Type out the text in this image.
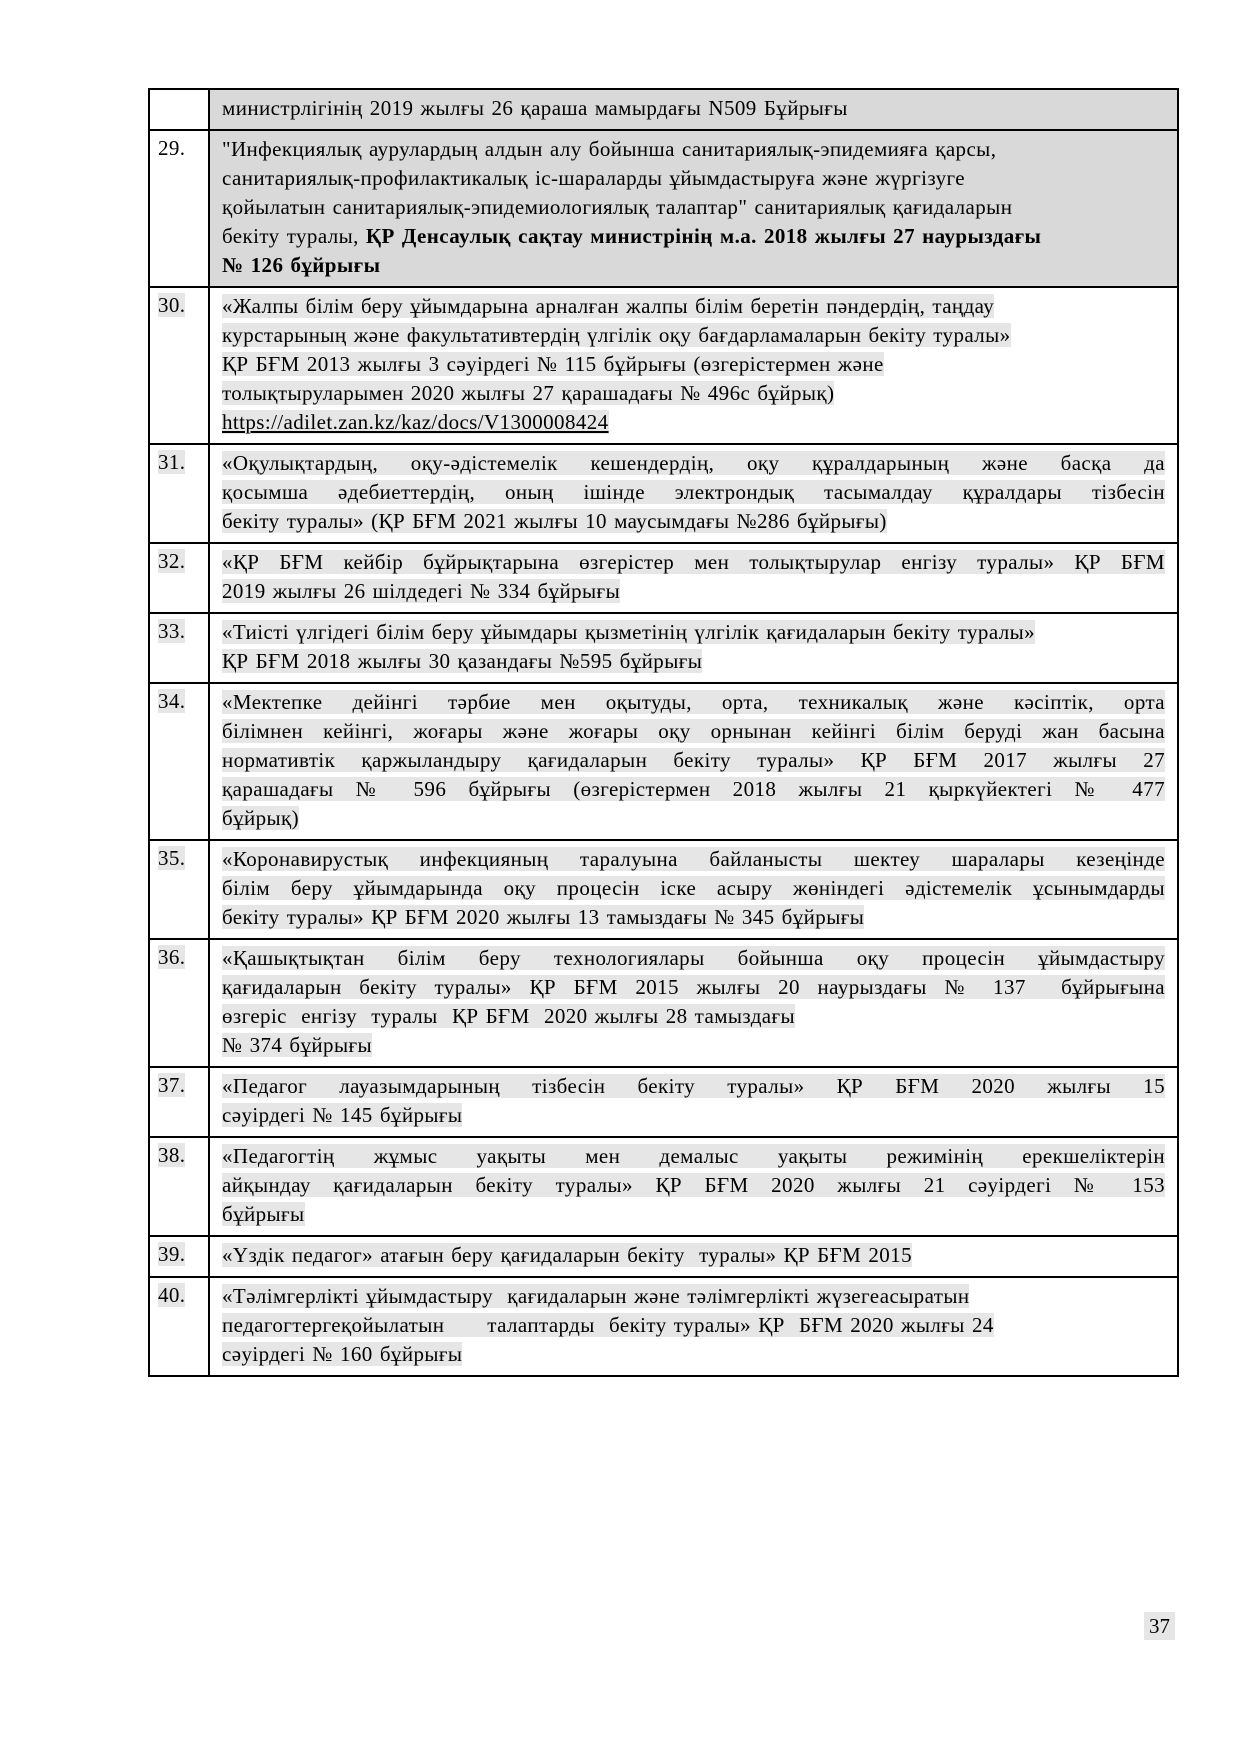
	министрлігінің 2019 жылғы 26 қараша мамырдағы N509 Бұйрығы

29.	"Инфекциялық аурулардың алдын алу бойынша санитариялық-эпидемияға қарсы,
санитариялық-профилактикалық іс-шараларды ұйымдастыруға және жүргізуге
қойылатын санитариялық-эпидемиологиялық талаптар" санитариялық қағидаларын
бекіту туралы, ҚР Денсаулық сақтау министрінің м.а. 2018 жылғы 27 наурыздағы
№ 126 бұйрығы

30.	«Жалпы білім беру ұйымдарына арналған жалпы білім беретін пәндердің, таңдау
курстарының және факультативтердің үлгілік оқу бағдарламаларын бекіту туралы»
ҚР БҒМ 2013 жылғы 3 сәуірдегі № 115 бұйрығы (өзгерістермен және
толықтыруларымен 2020 жылғы 27 қарашадағы № 496с бұйрық)
https://adilet.zan.kz/kaz/docs/V1300008424

31.	«Оқулықтардың, оқу-әдістемелік кешендердің, оқу құралдарының және басқа да
қосымша әдебиеттердің, оның ішінде электрондық тасымалдау құралдары тізбесін
бекіту туралы» (ҚР БҒМ 2021 жылғы 10 маусымдағы №286 бұйрығы)

32.	«ҚР БҒМ кейбір бұйрықтарына өзгерістер мен толықтырулар енгізу туралы» ҚР БҒМ
2019 жылғы 26 шілдедегі № 334 бұйрығы

33.	«Тиісті үлгідегі білім беру ұйымдары қызметінің үлгілік қағидаларын бекіту туралы»
ҚР БҒМ 2018 жылғы 30 қазандағы №595 бұйрығы

34.	«Мектепке дейінгі тәрбие мен оқытуды, орта, техникалық және кәсіптік, орта
білімнен кейінгі, жоғары және жоғары оқу орнынан кейінгі білім беруді жан басына
нормативтік қаржыландыру қағидаларын бекіту туралы» ҚР БҒМ 2017 жылғы 27
қарашадағы № 596 бұйрығы (өзгерістермен 2018 жылғы 21 қыркүйектегі № 477
бұйрық)

35.	«Коронавирустық инфекцияның таралуына байланысты шектеу шаралары кезеңінде
білім беру ұйымдарында оқу процесін іске асыру жөніндегі әдістемелік ұсынымдарды
бекіту туралы» ҚР БҒМ 2020 жылғы 13 тамыздағы № 345 бұйрығы

36.	«Қашықтықтан білім беру технологиялары бойынша оқу процесін ұйымдастыру
қағидаларын бекіту туралы» ҚР БҒМ 2015 жылғы 20 наурыздағы № 137  бұйрығына
өзгеріс  енгізу  туралы  ҚР БҒМ  2020 жылғы 28 тамыздағы
№ 374 бұйрығы

37.	«Педагог лауазымдарының тізбесін бекіту туралы» ҚР БҒМ 2020 жылғы 15
сәуірдегі № 145 бұйрығы

38.	«Педагогтің жұмыс уақыты мен демалыс уақыты режимінің ерекшеліктерін
айқындау қағидаларын бекіту туралы» ҚР БҒМ 2020 жылғы 21 сәуірдегі № 153
бұйрығы

39.	«Үздік педагог» атағын беру қағидаларын бекіту  туралы» ҚР БҒМ 2015

40.	«Тәлімгерлікті ұйымдастыру  қағидаларын және тәлімгерлікті жүзегеасыратын
педагогтергеқойылатын      талаптарды  бекіту туралы» ҚР  БҒМ 2020 жылғы 24
сәуірдегі № 160 бұйрығы
37
